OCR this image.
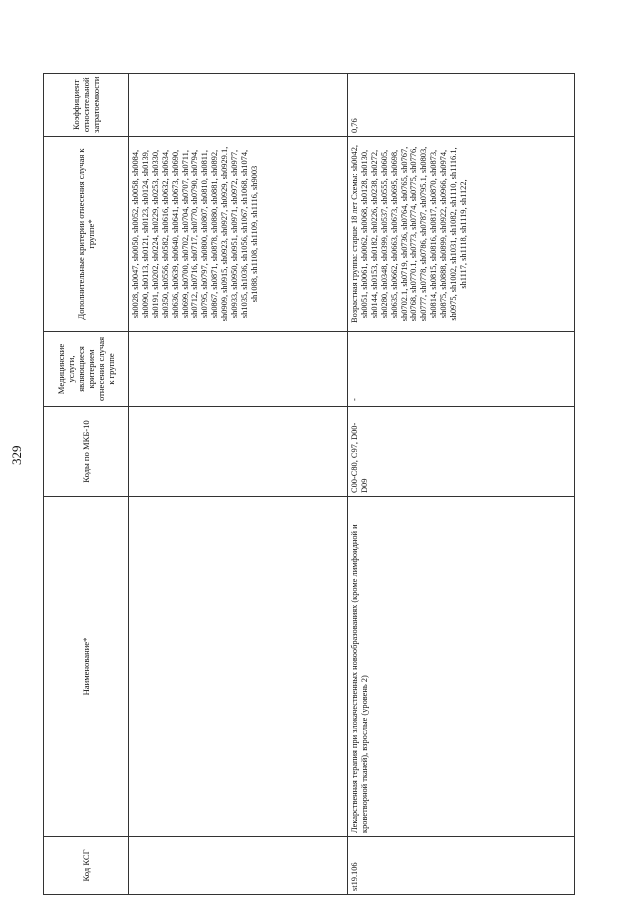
329
Код КСГ	Наименование*	Коды по МКБ-10	Медицинские услуги, являющиеся критерием отнесения случая к группе	Дополнительные критерии отнесения случая к группе*	Коэффициент относительной затратоемкости
				sh0028, sh0047, sh0050, sh0052, sh0058, sh0084, sh0090, sh0113, sh0121, sh0123, sh0124, sh0139, sh0191, sh0202, sh0224, sh0229, sh0253, sh0330, sh0350, sh0556, sh0582, sh0616, sh0632, sh0634, sh0636, sh0639, sh0640, sh0641, sh0673, sh0690, sh0699, sh0700, sh0702, sh0704, sh0707, sh0711, sh0712, sh0716, sh0717, sh0770, sh0790, sh0794, sh0795, sh0797, sh0800, sh0807, sh0810, sh0811, sh0867, sh0871, sh0878, sh0880, sh0881, sh0892, sh0909, sh0915, sh0923, sh0927, sh0929, sh0929.1, sh0933, sh0950, sh0951, sh0971, sh0972, sh0977, sh1035, sh1036, sh1056, sh1067, sh1068, sh1074, sh1088, sh1108, sh1109, sh1116, sh9003	
st19.106	Лекарственная терапия при злокачественных новообразованиях (кроме лимфоидной и кроветворной тканей), взрослые (уровень 2)	C00-C80, C97, D00-D09	-	Возрастная группа: старше 18 лет Схемы: sh0042, sh0051, sh0061, sh0062, sh0068, sh0128, sh0130, sh0144, sh0153, sh0182, sh0226, sh0238, sh0272, sh0280, sh0348, sh0399, sh0537, sh0555, sh0605, sh0635, sh0662, sh0663, sh0673, sh0695, sh0698, sh0702.1, sh0719, sh0736, sh0764, sh0765, sh0767, sh0768, sh0770.1, sh0773, sh0774, sh0775, sh0776, sh0777, sh0778, sh0786, sh0787, sh0795.1, sh0803, sh0814, sh0815, sh0816, sh0817, sh0870, sh0873, sh0875, sh0888, sh0899, sh0922, sh0966, sh0974, sh0975, sh1002, sh1031, sh1082, sh1110, sh1116.1, sh1117, sh1118, sh1119, sh1122,	0,76
